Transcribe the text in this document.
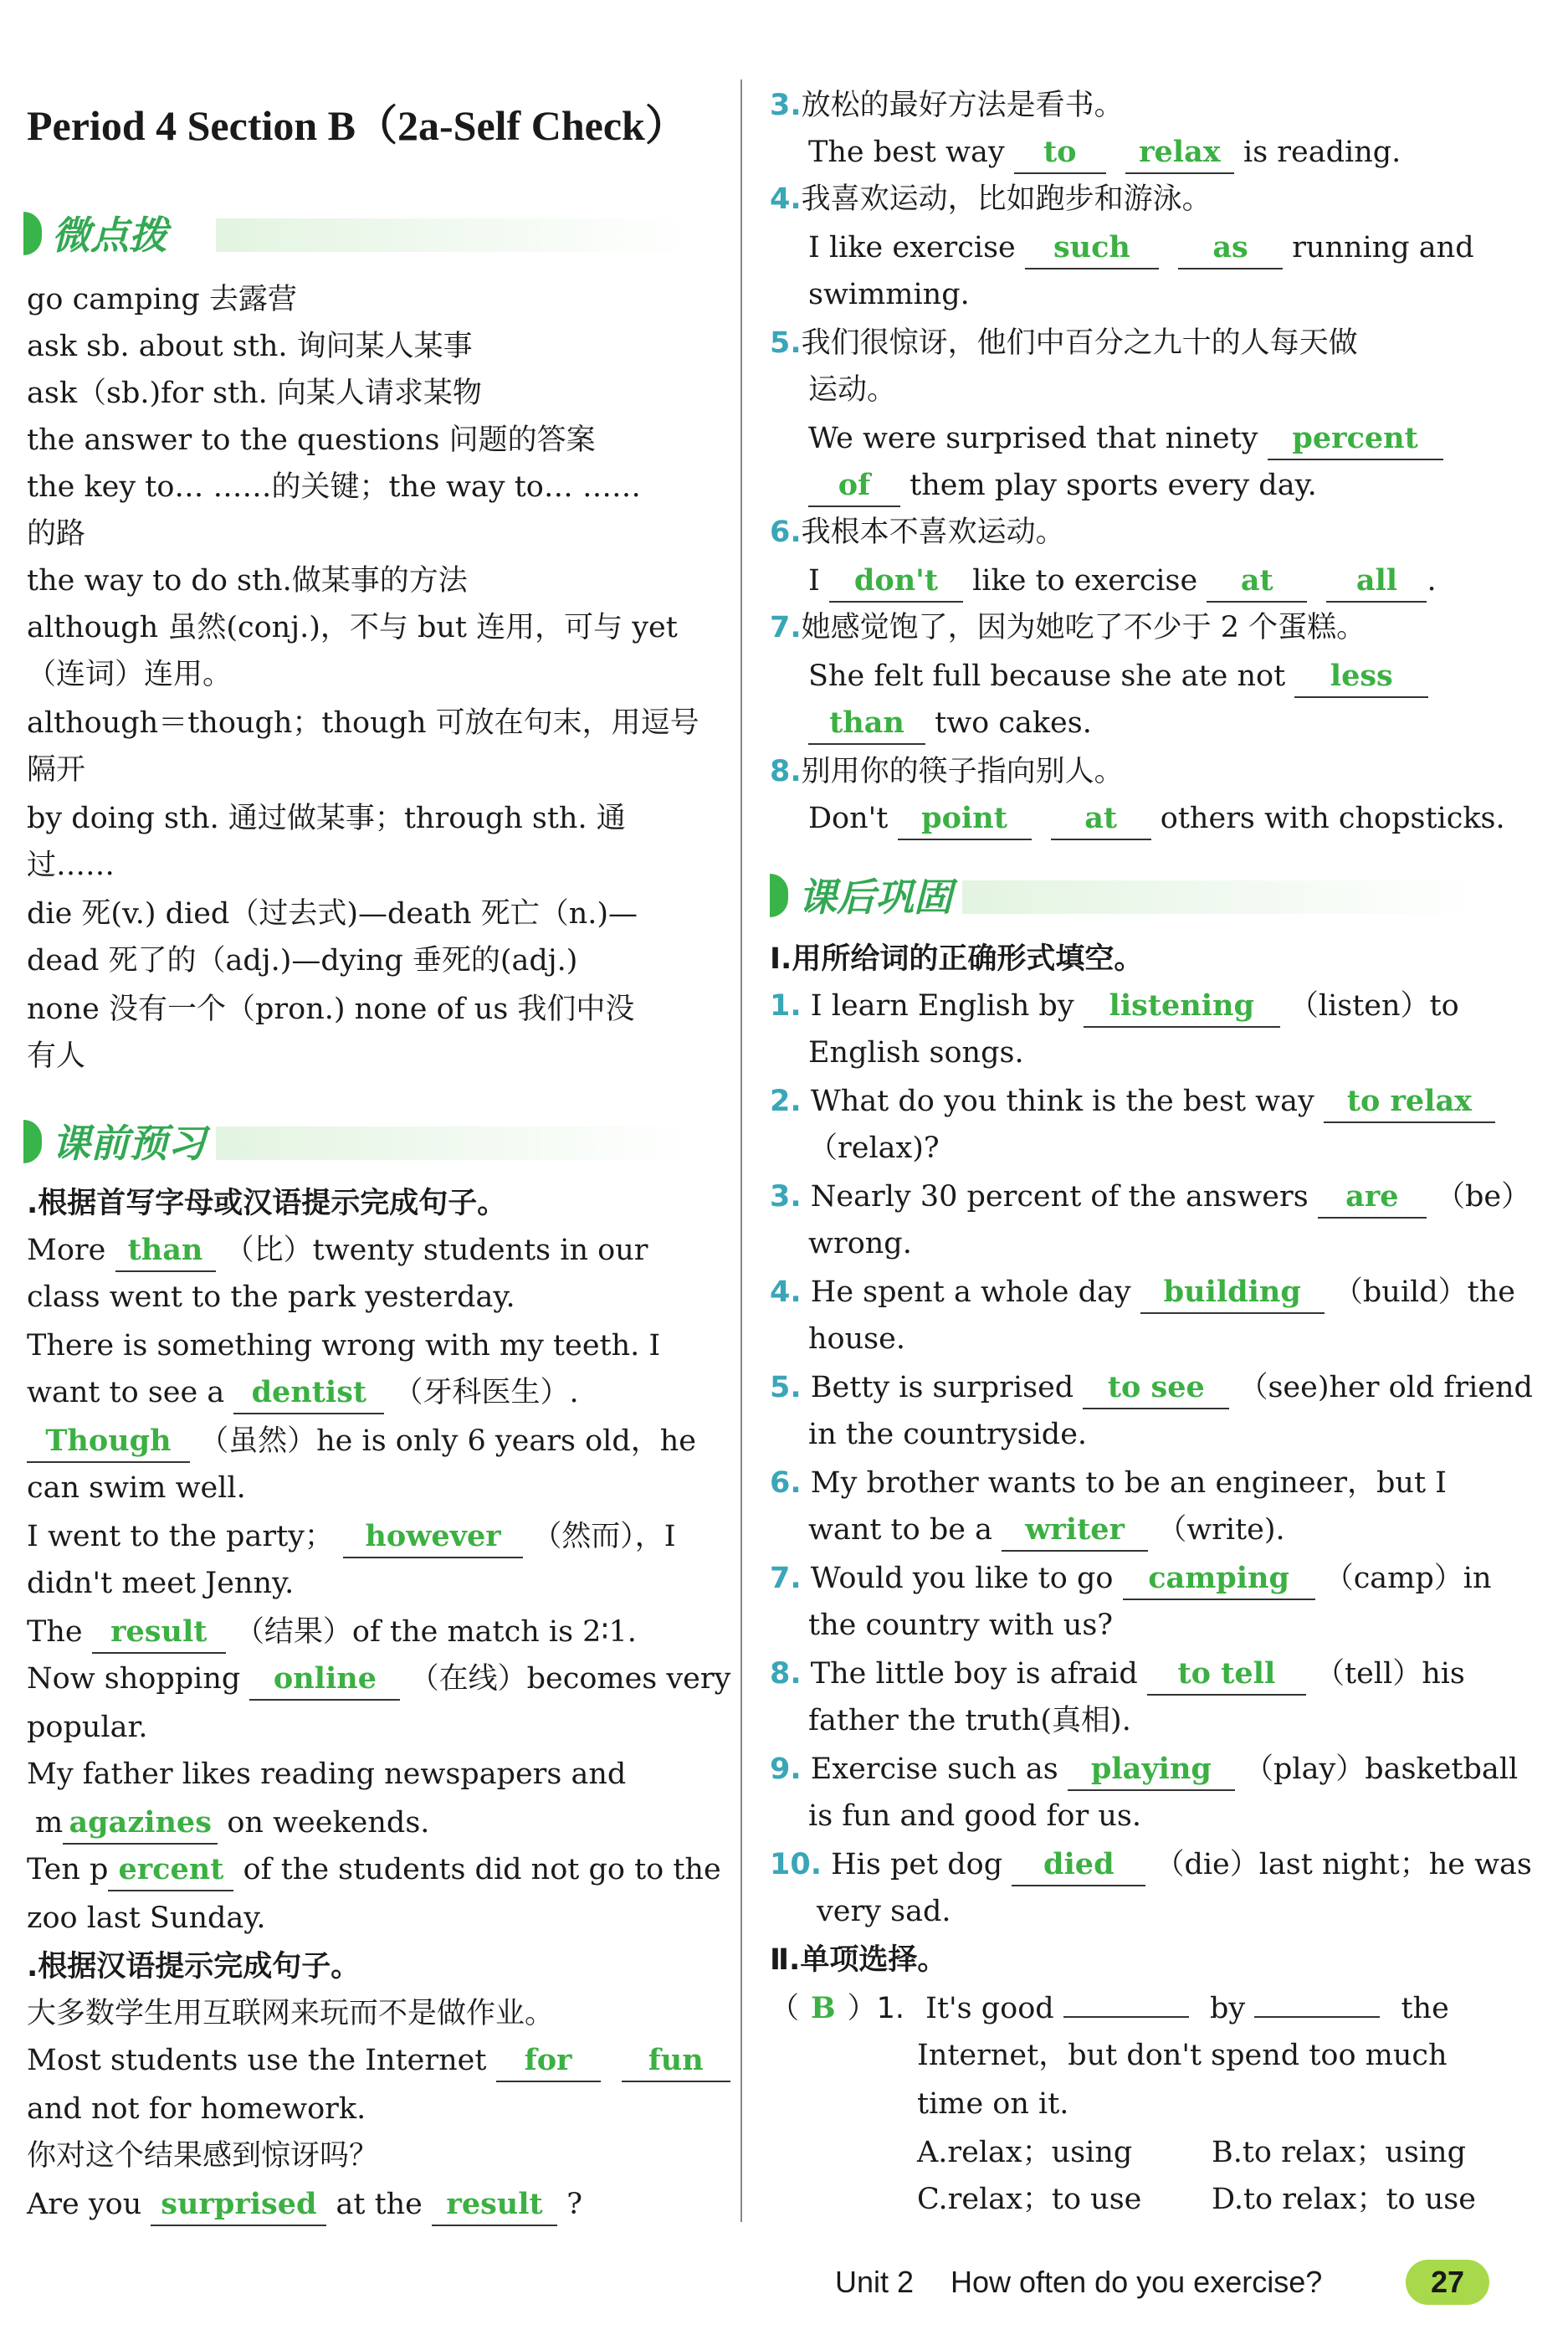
Period 4 Section B（2a-Self Check）
微点拨
go camping 去露营
ask sb. about sth. 询问某人某事
ask（sb.)for sth. 向某人请求某物
the answer to the questions 问题的答案
the key to… ……的关键；the way to… ……
的路
the way to do sth.做某事的方法
although 虽然(conj.)，不与 but 连用，可与 yet
（连词）连用。
although＝though；though 可放在句末，用逗号
隔开
by doing sth. 通过做某事；through sth. 通
过……
die 死(v.) died（过去式)—death 死亡（n.)—
dead 死了的（adj.)—dying 垂死的(adj.)
none 没有一个（pron.) none of us 我们中没
有人
课前预习
.根据首写字母或汉语提示完成句子。
More than （比）twenty students in our
class went to the park yesterday.
There is something wrong with my teeth. I
want to see a dentist （牙科医生）.
Though （虽然）he is only 6 years old，he
can swim well.
I went to the party； however （然而），I
didn't meet Jenny.
The result （结果）of the match is 2∶1.
Now shopping online （在线）becomes very
popular.
My father likes reading newspapers and
m agazines on weekends.
Ten p ercent of the students did not go to the
zoo last Sunday.
.根据汉语提示完成句子。
大多数学生用互联网来玩而不是做作业。
Most students use the Internet for	fun
and not for homework.
你对这个结果感到惊讶吗？
Are you surprised at the result ?
3.放松的最好方法是看书。
The best way to relax is reading.
4.我喜欢运动，比如跑步和游泳。
I like exercise such	as running and
swimming.
5.我们很惊讶，他们中百分之九十的人每天做
运动。
We were surprised that ninety percent
of them play sports every day.
6.我根本不喜欢运动。
I don't like to exercise at	all .
7.她感觉饱了，因为她吃了不少于 2 个蛋糕。
She felt full because she ate not less
than two cakes.
8.别用你的筷子指向别人。
Don't point	at others with chopsticks.
课后巩固
Ⅰ.用所给词的正确形式填空。
1. I learn English by listening （listen）to
English songs.
2. What do you think is the best way to relax
（relax)?
3. Nearly 30 percent of the answers are （be）
wrong.
4. He spent a whole day building （build）the
house.
5. Betty is surprised to see （see)her old friend
in the countryside.
6. My brother wants to be an engineer，but I
want to be a writer （write).
7. Would you like to go camping （camp）in
the country with us?
8. The little boy is afraid to tell （tell）his
father the truth(真相).
9. Exercise such as playing （play）basketball
is fun and good for us.
10. His pet dog died （die）last night；he was
very sad.
Ⅱ.单项选择。
（ B ）1. It's good	by	the
Internet，but don't spend too much
time on it.
A.relax；using	B.to relax；using
C.relax；to use D.to relax；to use
Unit 2 How often do you exercise?	27
